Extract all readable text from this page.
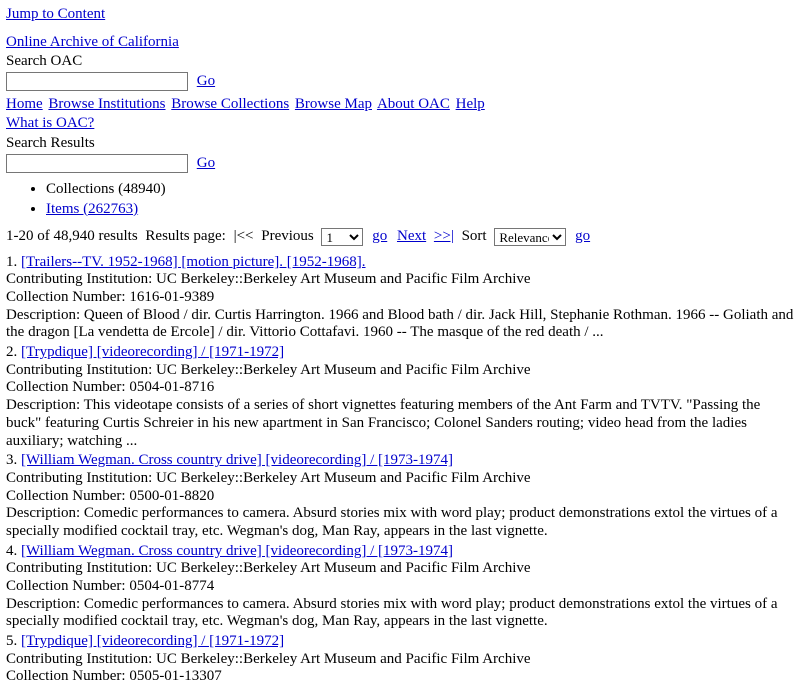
Jump to Content
Online Archive of California
Search OAC
Go
Home Browse Institutions Browse Collections Browse Map About OAC Help
What is OAC?
Search Results
Go
• Collections (48940)
• Items (262763)
1-20 of 48,940 results Results page: |<< Previous
1	go Next >>| Sort
Relevance	go
1. [Trailers--TV. 1952-1968] [motion picture]. [1952-1968].
Contributing Institution: UC Berkeley::Berkeley Art Museum and Pacific Film Archive
Collection Number: 1616-01-9389
Description: Queen of Blood / dir. Curtis Harrington. 1966 and Blood bath / dir. Jack Hill, Stephanie Rothman. 1966 -- Goliath and the dragon [La vendetta de Ercole] / dir. Vittorio Cottafavi. 1960 -- The masque of the red death / ...
2. [Trypdique] [videorecording] / [1971-1972]
Contributing Institution: UC Berkeley::Berkeley Art Museum and Pacific Film Archive
Collection Number: 0504-01-8716
Description: This videotape consists of a series of short vignettes featuring members of the Ant Farm and TVTV. "Passing the buck" featuring Curtis Schreier in his new apartment in San Francisco; Colonel Sanders routing; video head from the ladies auxiliary; watching ...
3. [William Wegman. Cross country drive] [videorecording] / [1973-1974]
Contributing Institution: UC Berkeley::Berkeley Art Museum and Pacific Film Archive
Collection Number: 0500-01-8820
Description: Comedic performances to camera. Absurd stories mix with word play; product demonstrations extol the virtues of a specially modified cocktail tray, etc. Wegman's dog, Man Ray, appears in the last vignette.
4. [William Wegman. Cross country drive] [videorecording] / [1973-1974]
Contributing Institution: UC Berkeley::Berkeley Art Museum and Pacific Film Archive
Collection Number: 0504-01-8774
Description: Comedic performances to camera. Absurd stories mix with word play; product demonstrations extol the virtues of a specially modified cocktail tray, etc. Wegman's dog, Man Ray, appears in the last vignette.
5. [Trypdique] [videorecording] / [1971-1972]
Contributing Institution: UC Berkeley::Berkeley Art Museum and Pacific Film Archive
Collection Number: 0505-01-13307
